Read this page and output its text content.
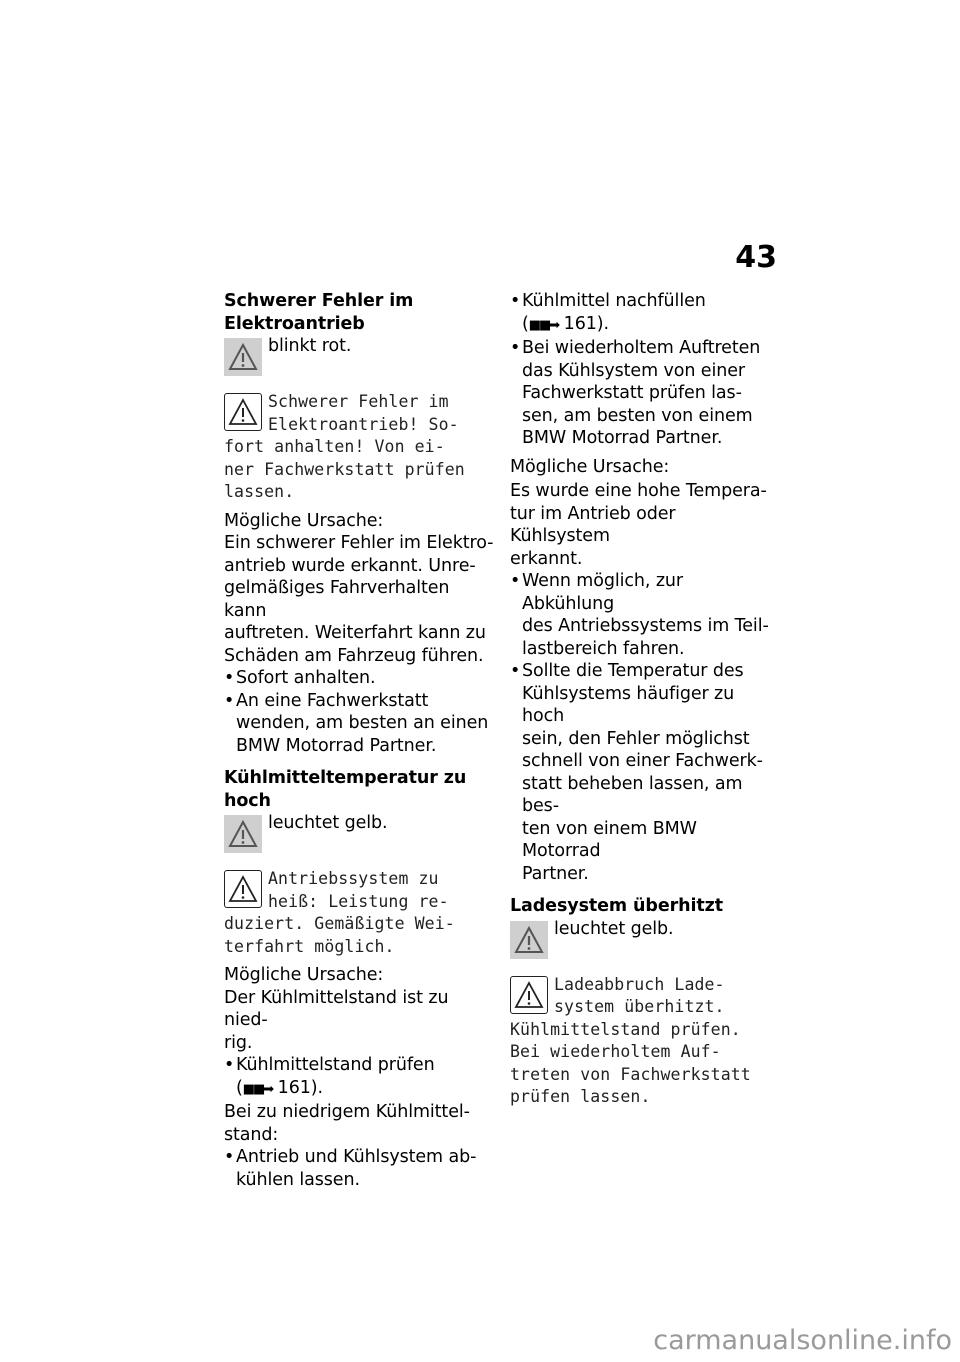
43
Schwerer Fehler im
Elektroantrieb
blinkt rot.
Schwerer Fehler im
Elektroantrieb! So-
fort anhalten! Von ei-
ner Fachwerkstatt prüfen
lassen.

Mögliche Ursache:

Ein schwerer Fehler im Elektro-

antrieb wurde erkannt. Unre-

gelmäßiges Fahrverhalten kann

auftreten. Weiterfahrt kann zu

Schäden am Fahrzeug führen.

• Sofort anhalten.
• An eine Fachwerkstatt
wenden, am besten an einen
BMW Motorrad Partner.
Kühlmitteltemperatur zu hoch
leuchtet gelb.
Antriebssystem zu
heiß: Leistung re-
duziert. Gemäßigte Wei-
terfahrt möglich.

Mögliche Ursache:

Der Kühlmittelstand ist zu nied-

rig.

• Kühlmittelstand prüfen
(■■➡ 161).
Bei zu niedrigem Kühlmittel-
stand:
• Antrieb und Kühlsystem ab-
kühlen lassen.
• Kühlmittel nachfüllen
(■■➡ 161).
• Bei wiederholtem Auftreten
das Kühlsystem von einer
Fachwerkstatt prüfen las-
sen, am besten von einem
BMW Motorrad Partner.

Mögliche Ursache:

Es wurde eine hohe Tempera-

tur im Antrieb oder Kühlsystem

erkannt.

• Wenn möglich, zur Abkühlung
des Antriebssystems im Teil-
lastbereich fahren.
• Sollte die Temperatur des
Kühlsystems häufiger zu hoch
sein, den Fehler möglichst
schnell von einer Fachwerk-
statt beheben lassen, am bes-
ten von einem BMW Motorrad
Partner.
Ladesystem überhitzt
leuchtet gelb.
Ladeabbruch Lade-
system überhitzt.
Kühlmittelstand prüfen.
Bei wiederholtem Auf-
treten von Fachwerkstatt
prüfen lassen.
carmanualsonline.info
